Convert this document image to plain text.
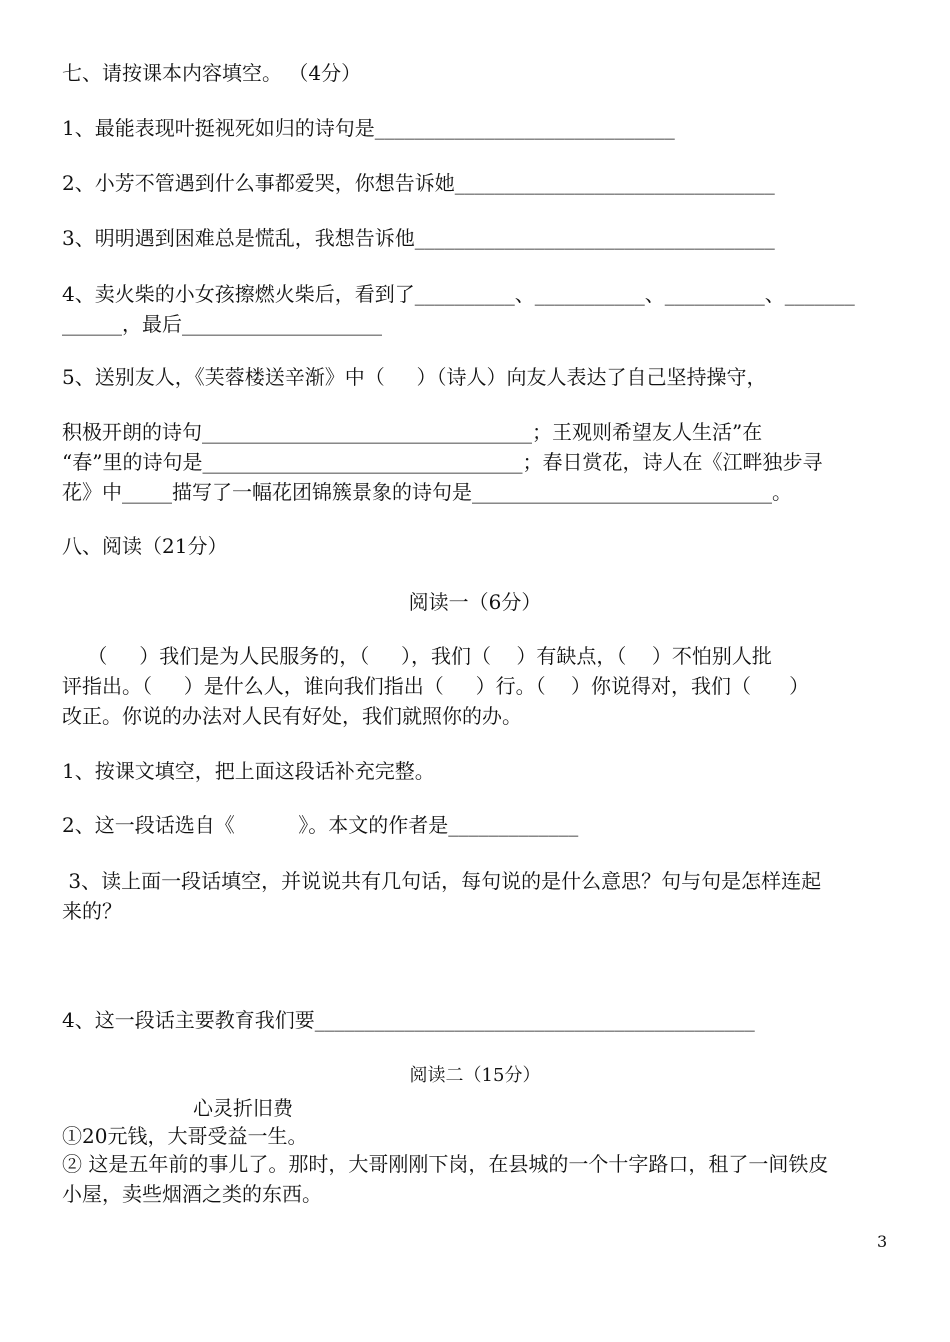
七、请按课本内容填空。 （4分）
1、最能表现叶挺视死如归的诗句是______________________________
2、小芳不管遇到什么事都爱哭，你想告诉她________________________________
3、明明遇到困难总是慌乱，我想告诉他____________________________________
4、卖火柴的小女孩擦燃火柴后，看到了__________、___________、__________、_______
______，最后____________________
5、送别友人，《芙蓉楼送辛渐》中（     ）（诗人）向友人表达了自己坚持操守，
积极开朗的诗句_________________________________；王观则希望友人生活”在
“春”里的诗句是________________________________；春日赏花，诗人在《江畔独步寻
花》中_____描写了一幅花团锦簇景象的诗句是______________________________。
八、阅读（21分）
阅读一（6分）
（     ）我们是为人民服务的，（     ），我们（    ）有缺点，（    ）不怕别人批
评指出。（     ）是什么人，谁向我们指出（     ）行。（    ）你说得对，我们（      ）
改正。你说的办法对人民有好处，我们就照你的办。
1、按课文填空，把上面这段话补充完整。
2、这一段话选自《          》。本文的作者是_____________
3、读上面一段话填空，并说说共有几句话，每句说的是什么意思？句与句是怎样连起
来的？
4、这一段话主要教育我们要____________________________________________
阅读二（15分）
心灵折旧费
①20元钱，大哥受益一生。
② 这是五年前的事儿了。那时，大哥刚刚下岗，在县城的一个十字路口，租了一间铁皮
小屋，卖些烟酒之类的东西。
3
